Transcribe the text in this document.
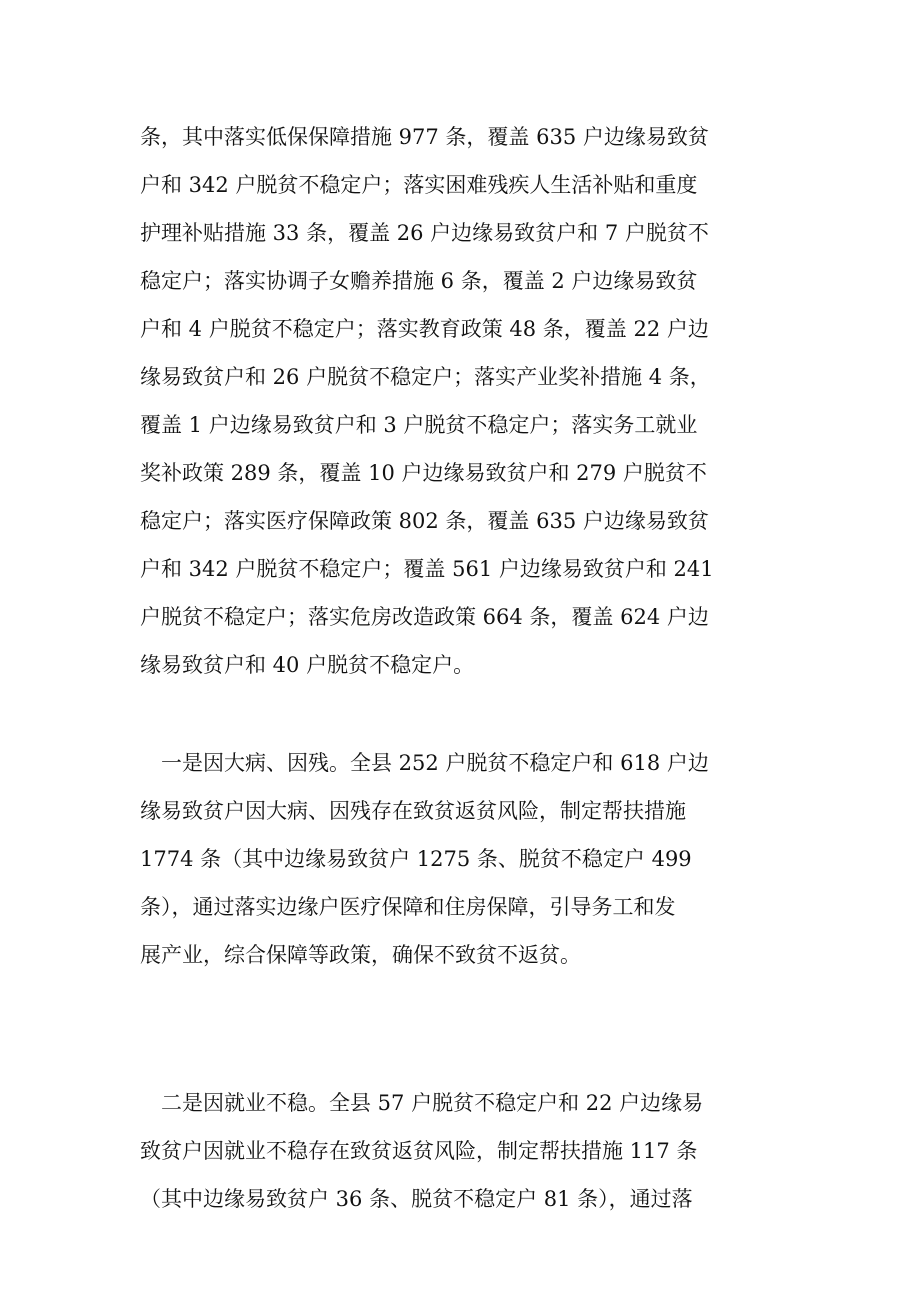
条，其中落实低保保障措施 977 条，覆盖 635 户边缘易致贫
户和 342 户脱贫不稳定户；落实困难残疾人生活补贴和重度
护理补贴措施 33 条，覆盖 26 户边缘易致贫户和 7 户脱贫不
稳定户；落实协调子女赡养措施 6 条，覆盖 2 户边缘易致贫
户和 4 户脱贫不稳定户；落实教育政策 48 条，覆盖 22 户边
缘易致贫户和 26 户脱贫不稳定户；落实产业奖补措施 4 条，
覆盖 1 户边缘易致贫户和 3 户脱贫不稳定户；落实务工就业
奖补政策 289 条，覆盖 10 户边缘易致贫户和 279 户脱贫不
稳定户；落实医疗保障政策 802 条，覆盖 635 户边缘易致贫
户和 342 户脱贫不稳定户；覆盖 561 户边缘易致贫户和 241
户脱贫不稳定户；落实危房改造政策 664 条，覆盖 624 户边
缘易致贫户和 40 户脱贫不稳定户。

　一是因大病、因残。全县 252 户脱贫不稳定户和 618 户边
缘易致贫户因大病、因残存在致贫返贫风险，制定帮扶措施
1774 条（其中边缘易致贫户 1275 条、脱贫不稳定户 499
条），通过落实边缘户医疗保障和住房保障，引导务工和发
展产业，综合保障等政策，确保不致贫不返贫。

　二是因就业不稳。全县 57 户脱贫不稳定户和 22 户边缘易
致贫户因就业不稳存在致贫返贫风险，制定帮扶措施 117 条
（其中边缘易致贫户 36 条、脱贫不稳定户 81 条），通过落
